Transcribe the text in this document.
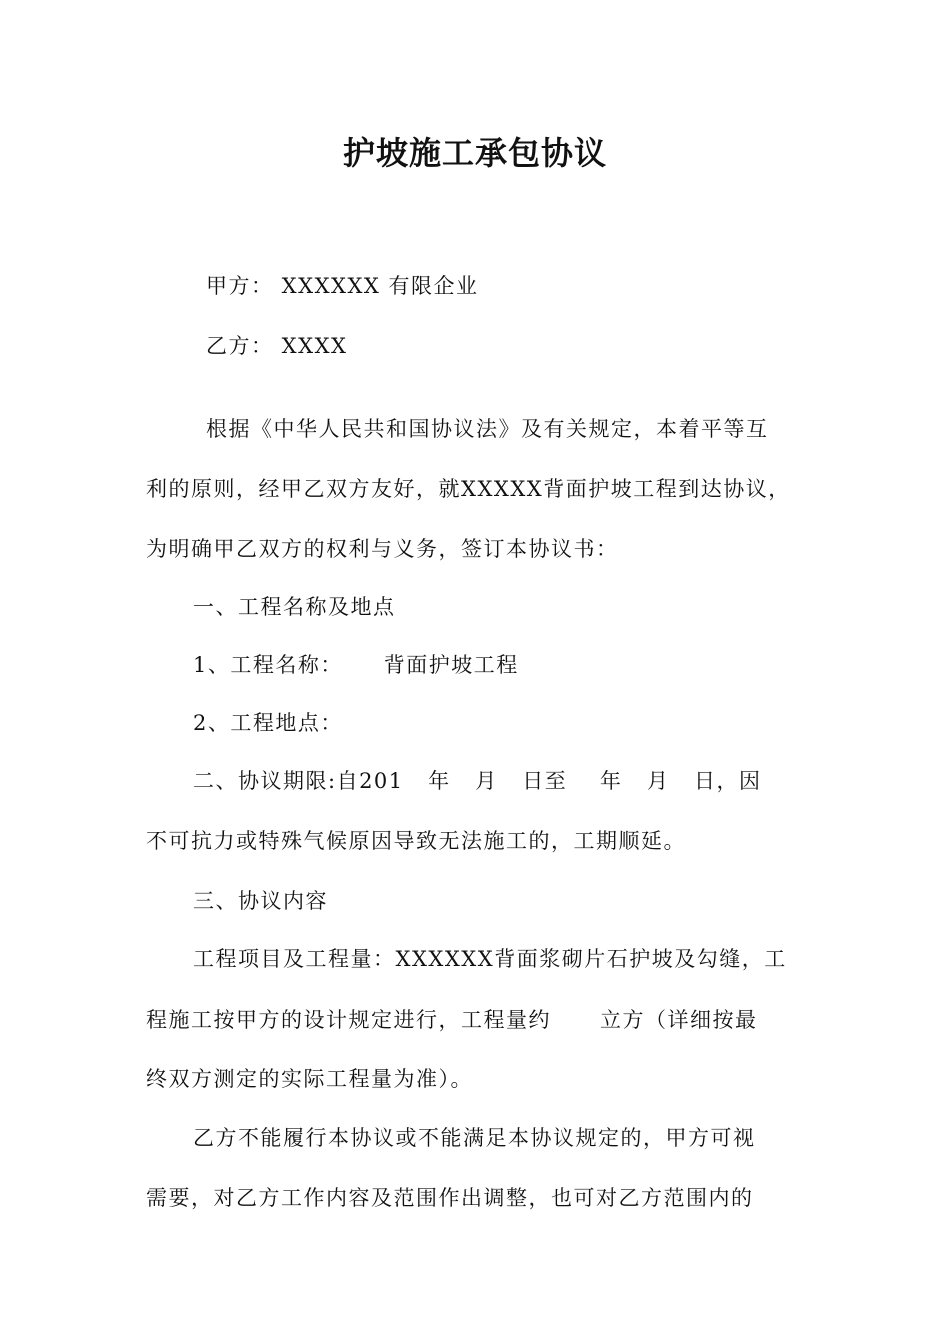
护坡施工承包协议
甲方： XXXXXX 有限企业
乙方： XXXX
根据《中华人民共和国协议法》及有关规定，本着平等互
利的原则，经甲乙双方友好，就XXXXX背面护坡工程到达协议，
为明确甲乙双方的权利与义务，签订本协议书：
一、工程名称及地点
1、工程名称：     背面护坡工程
2、工程地点：
二、协议期限:自201   年   月   日至    年   月   日，因
不可抗力或特殊气候原因导致无法施工的，工期顺延。
三、协议内容
工程项目及工程量：XXXXXX背面浆砌片石护坡及勾缝，工
程施工按甲方的设计规定进行，工程量约      立方（详细按最
终双方测定的实际工程量为准）。
乙方不能履行本协议或不能满足本协议规定的，甲方可视
需要，对乙方工作内容及范围作出调整，也可对乙方范围内的
